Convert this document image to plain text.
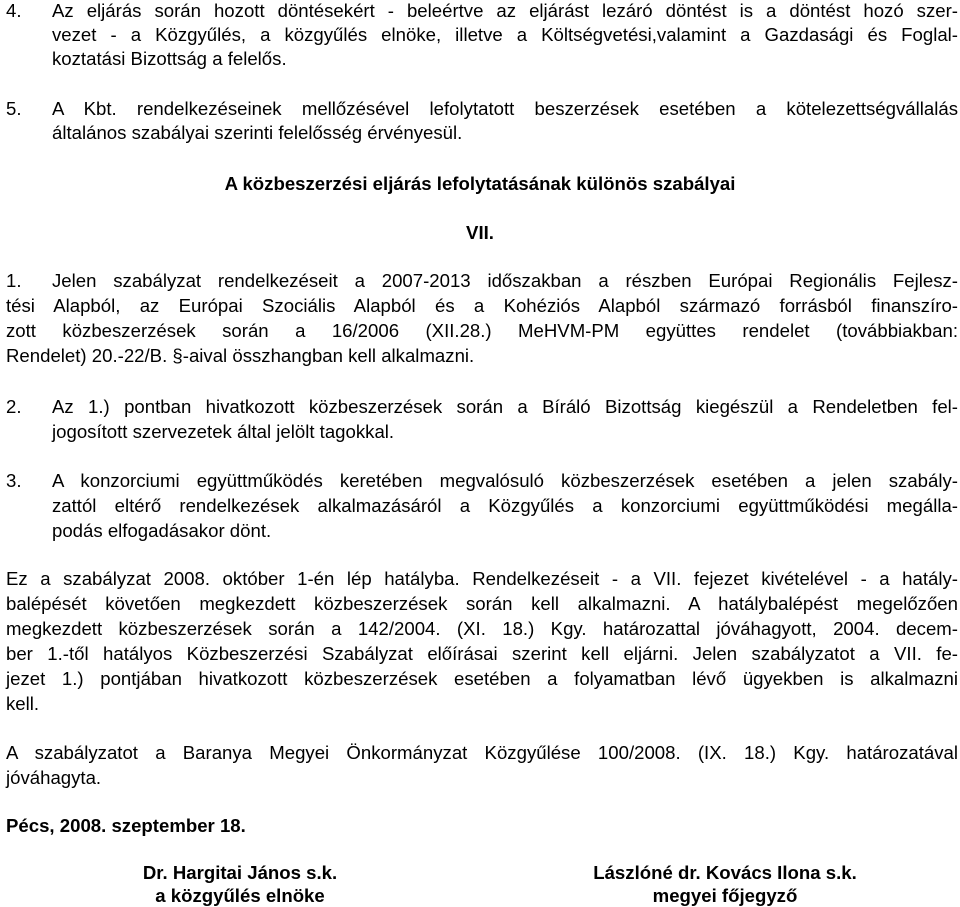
4. Az eljárás során hozott döntésekért - beleértve az eljárást lezáró döntést is a döntést hozó szer-
vezet - a Közgyűlés, a közgyűlés elnöke, illetve a Költségvetési,valamint a Gazdasági és Foglal-
koztatási Bizottság a felelős.
5. A Kbt. rendelkezéseinek mellőzésével lefolytatott beszerzések esetében a kötelezettségvállalás
általános szabályai szerinti felelősség érvényesül.
A közbeszerzési eljárás lefolytatásának különös szabályai
VII.
1. Jelen szabályzat rendelkezéseit a 2007-2013 időszakban a részben Európai Regionális Fejlesz-
tési Alapból, az Európai Szociális Alapból és a Kohéziós Alapból származó forrásból finanszíro-
zott közbeszerzések során a 16/2006 (XII.28.) MeHVM-PM együttes rendelet (továbbiakban:
Rendelet) 20.-22/B. §-aival összhangban kell alkalmazni.
2. Az 1.) pontban hivatkozott közbeszerzések során a Bíráló Bizottság kiegészül a Rendeletben fel-
jogosított szervezetek által jelölt tagokkal.
3. A konzorciumi együttműködés keretében megvalósuló közbeszerzések esetében a jelen szabály-
zattól eltérő rendelkezések alkalmazásáról a Közgyűlés a konzorciumi együttműködési megálla-
podás elfogadásakor dönt.
Ez a szabályzat 2008. október 1-én lép hatályba. Rendelkezéseit - a VII. fejezet kivételével - a hatály-
balépését követően megkezdett közbeszerzések során kell alkalmazni. A hatálybalépést megelőzően
megkezdett közbeszerzések során a 142/2004. (XI. 18.) Kgy. határozattal jóváhagyott, 2004. decem-
ber 1.-től hatályos Közbeszerzési Szabályzat előírásai szerint kell eljárni. Jelen szabályzatot a VII. fe-
jezet 1.) pontjában hivatkozott közbeszerzések esetében a folyamatban lévő ügyekben is alkalmazni
kell.
A szabályzatot a Baranya Megyei Önkormányzat Közgyűlése 100/2008. (IX. 18.) Kgy. határozatával
jóváhagyta.
Pécs, 2008. szeptember 18.
Dr. Hargitai János s.k.
a közgyűlés elnöke
Lászlóné dr. Kovács Ilona s.k.
megyei főjegyző
